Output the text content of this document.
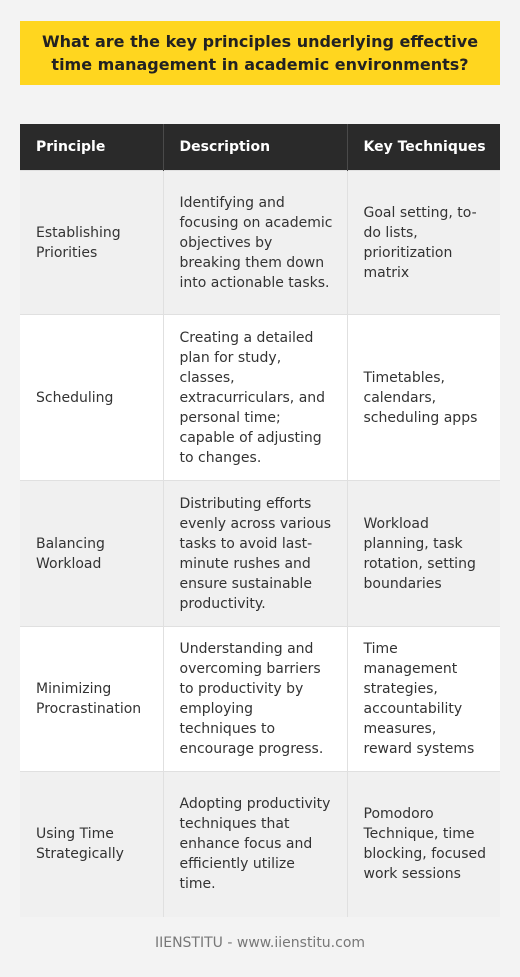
What are the key principles underlying effective time management in academic environments?
Principle	Description	Key Techniques
Establishing Priorities	Identifying and focusing on academic objectives by breaking them down into actionable tasks.	Goal setting, to-do lists, prioritization matrix
Scheduling	Creating a detailed plan for study, classes, extracurriculars, and personal time; capable of adjusting to changes.	Timetables, calendars, scheduling apps
Balancing Workload	Distributing efforts evenly across various tasks to avoid last-minute rushes and ensure sustainable productivity.	Workload planning, task rotation, setting boundaries
Minimizing Procrastination	Understanding and overcoming barriers to productivity by employing techniques to encourage progress.	Time management strategies, accountability measures, reward systems
Using Time Strategically	Adopting productivity techniques that enhance focus and efficiently utilize time.	Pomodoro Technique, time blocking, focused work sessions
IIENSTITU - www.iienstitu.com
